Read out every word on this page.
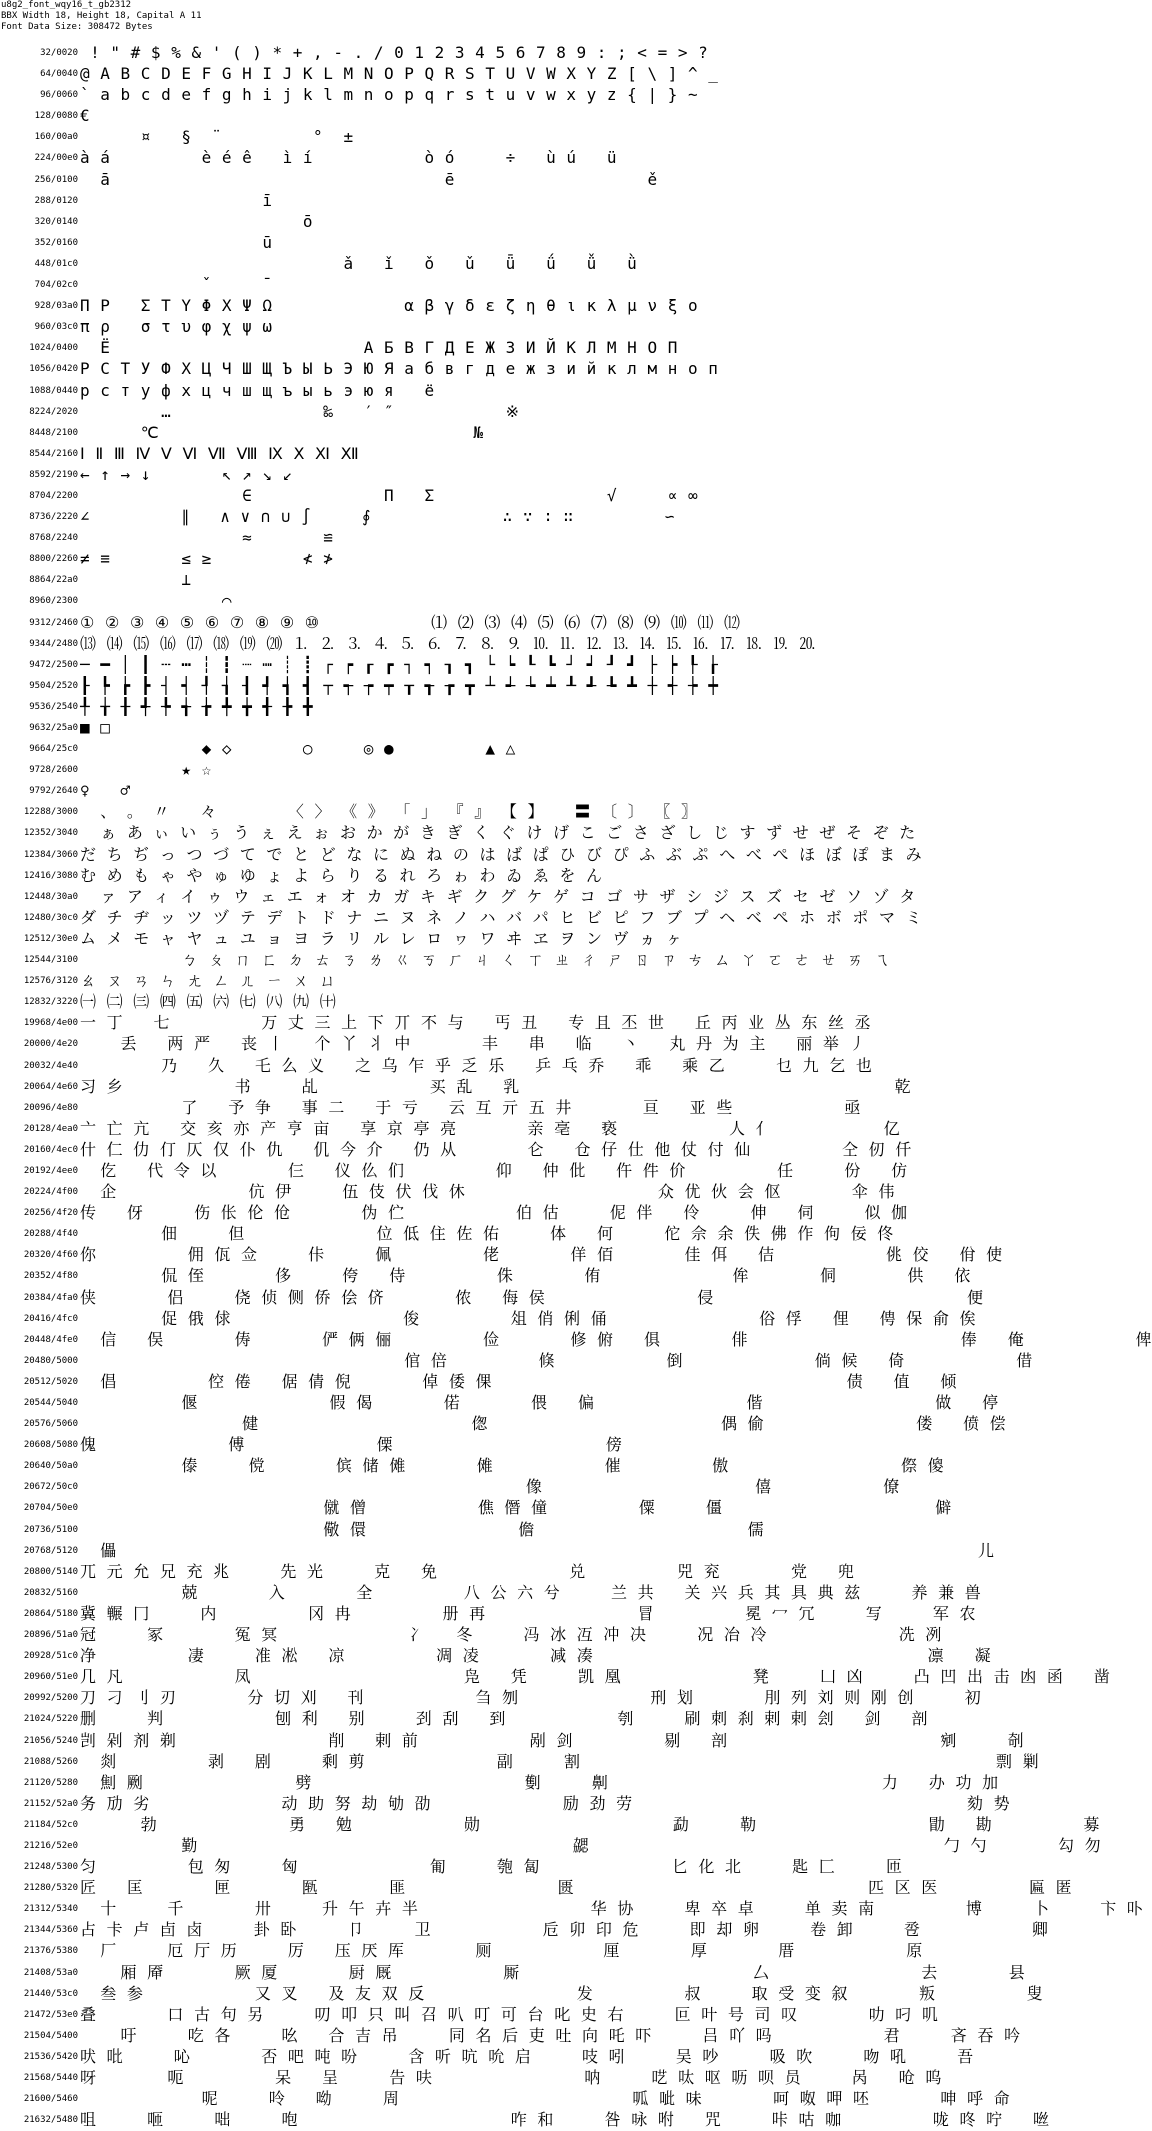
u8g2_font_wqy16_t_gb2312
BBX Width 18, Height 18, Capital A 11
Font Data Size: 308472 Bytes
32/0020 ! " # $ % & ' ( ) * + , - . / 0 1 2 3 4 5 6 7 8 9 : ; < = > ?
64/0040 @ A B C D E F G H I J K L M N O P Q R S T U V W X Y Z [ \ ] ^ _
96/0060 ` a b c d e f g h i j k l m n o p q r s t u v w x y z { | } ~
128/0080 €
160/00a0 ¤   §  ¨         °  ±
224/00e0 à á         è é ê   ì í           ò ó     ÷   ù ú   ü
256/0100 ā                                 ē                   ě
288/0120 ī
320/0140 ō
352/0160 ū
448/01c0 ǎ   ǐ   ǒ   ǔ   ǖ   ǘ   ǚ   ǜ
704/02c0 ˇ     ˉ
928/03a0 Π Ρ   Σ Τ Υ Φ Χ Ψ Ω             α β γ δ ε ζ η θ ι κ λ μ ν ξ ο
960/03c0 π ρ   σ τ υ φ χ ψ ω
1024/0400 Ё                         А Б В Г Д Е Ж З И Й К Л М Н О П
1056/0420 Р С Т У Ф Х Ц Ч Ш Щ Ъ Ы Ь Э Ю Я а б в г д е ж з и й к л м н о п
1088/0440 р с т у ф х ц ч ш щ ъ ы ь э ю я   ё
8224/2020 …               ‰   ′ ″           ※
8448/2100 ℃                               №
8544/2160 Ⅰ Ⅱ Ⅲ Ⅳ Ⅴ Ⅵ Ⅶ Ⅷ Ⅸ Ⅹ Ⅺ Ⅻ
8592/2190 ← ↑ → ↓       ↖ ↗ ↘ ↙
8704/2200 ∈             Π   Σ                 √     ∝ ∞
8736/2220 ∠         ∥   ∧ ∨ ∩ ∪ ∫     ∮             ∴ ∵ ∶ ∷         ∽
8768/2240 ≈       ≌
8800/2260 ≠ ≡       ≤ ≥         ≮ ≯
8864/22a0 ⊥
8960/2300 ⌒
9312/2460 ① ② ③ ④ ⑤ ⑥ ⑦ ⑧ ⑨ ⑩           ⑴ ⑵ ⑶ ⑷ ⑸ ⑹ ⑺ ⑻ ⑼ ⑽ ⑾ ⑿
9344/2480 ⒀ ⒁ ⒂ ⒃ ⒄ ⒅ ⒆ ⒇ ⒈ ⒉ ⒊ ⒋ ⒌ ⒍ ⒎ ⒏ ⒐ ⒑ ⒒ ⒓ ⒔ ⒕ ⒖ ⒗ ⒘ ⒙ ⒚ ⒛
9472/2500 ─ ━ │ ┃ ┄ ┅ ┆ ┇ ┈ ┉ ┊ ┋ ┌ ┍ ┎ ┏ ┐ ┑ ┒ ┓ └ ┕ ┖ ┗ ┘ ┙ ┚ ┛ ├ ┝ ┞ ┟
9504/2520 ┠ ┡ ┢ ┣ ┤ ┥ ┦ ┧ ┨ ┩ ┪ ┫ ┬ ┭ ┮ ┯ ┰ ┱ ┲ ┳ ┴ ┵ ┶ ┷ ┸ ┹ ┺ ┻ ┼ ┽ ┾ ┿
9536/2540 ╀ ╁ ╂ ╃ ╄ ╅ ╆ ╇ ╈ ╉ ╊ ╋
9632/25a0 ■ □
9664/25c0 ◆ ◇       ○     ◎ ●         ▲ △
9728/2600 ★ ☆
9792/2640 ♀   ♂
12288/3000 、 。 〃   々       〈 〉 《 》 「 」 『 』 【 】   〓 〔 〕 〖 〗
12352/3040 ぁ あ ぃ い ぅ う ぇ え ぉ お か が き ぎ く ぐ け げ こ ご さ ざ し じ す ず せ ぜ そ ぞ た
12384/3060 だ ち ぢ っ つ づ て で と ど な に ぬ ね の は ば ぱ ひ び ぴ ふ ぶ ぷ へ べ ぺ ほ ぼ ぽ ま み
12416/3080 む め も ゃ や ゅ ゆ ょ よ ら り る れ ろ ゎ わ ゐ ゑ を ん
12448/30a0 ァ ア ィ イ ゥ ウ ェ エ ォ オ カ ガ キ ギ ク グ ケ ゲ コ ゴ サ ザ シ ジ ス ズ セ ゼ ソ ゾ タ
12480/30c0 ダ チ ヂ ッ ツ ヅ テ デ ト ド ナ ニ ヌ ネ ノ ハ バ パ ヒ ビ ピ フ ブ プ ヘ ベ ペ ホ ボ ポ マ ミ
12512/30e0 ム メ モ ャ ヤ ュ ユ ョ ヨ ラ リ ル レ ロ ヮ ワ ヰ ヱ ヲ ン ヴ ヵ ヶ
12544/3100 ㄅ ㄆ ㄇ ㄈ ㄉ ㄊ ㄋ ㄌ ㄍ ㄎ ㄏ ㄐ ㄑ ㄒ ㄓ ㄔ ㄕ ㄖ ㄗ ㄘ ㄙ ㄚ ㄛ ㄜ ㄝ ㄞ ㄟ
12576/3120 ㄠ ㄡ ㄢ ㄣ ㄤ ㄥ ㄦ ㄧ ㄨ ㄩ
12832/3220 ㈠ ㈡ ㈢ ㈣ ㈤ ㈥ ㈦ ㈧ ㈨ ㈩
19968/4e00 一 丁   七         万 丈 三 上 下 丌 不 与   丐 丑   专 且 丕 世   丘 丙 业 丛 东 丝 丞
20000/4e20 丢   两 严   丧 丨   个 丫 丬 中       丰   串   临   丶   丸 丹 为 主   丽 举 丿
20032/4e40 乃   久   乇 么 义   之 乌 乍 乎 乏 乐   乒 乓 乔   乖   乘 乙     乜 九 乞 也
20064/4e60 习 乡           书     乩           买 乱   乳                                     乾
20096/4e80 了   予 争   事 二   于 亏   云 互 亓 五 井       亘   亚 些           亟
20128/4ea0 亠 亡 亢   交 亥 亦 产 亨 亩   享 京 亭 亮       亲 亳   亵           人 亻           亿
20160/4ec0 什 仁 仂 仃 仄 仅 仆 仇   仉 今 介   仍 从       仑   仓 仔 仕 他 仗 付 仙         仝 仞 仟
20192/4ee0 仡   代 令 以       仨   仪 仫 们         仰   仲 仳   仵 件 价         任     份   仿
20224/4f00 企             伉 伊     伍 伎 伏 伐 休                   众 优 伙 会 伛       伞 伟
20256/4f20 传   伢     伤 伥 伦 伧       伪 伫           伯 估     伲 伴   伶     伸   伺     似 伽
20288/4f40 佃     但             位 低 住 佐 佑     体   何     佗 佘 余 佚 佛 作 佝 佞 佟
20320/4f60 你         佣 佤 佥     佧     佩         佬       佯 佰       佳 佴   佶           佻 佼   佾 使
20352/4f80 侃 侄       侈     侉   侍         侏       侑             侔       侗       供   依
20384/4fa0 侠       侣     侥 侦 侧 侨 侩 侪       侬   侮 侯               侵                         便
20416/4fc0 促 俄 俅                 俊         俎 俏 俐 俑               俗 俘   俚   俜 保 俞 俟
20448/4fe0 信   俣       俦       俨 俩 俪         俭       修 俯   俱       俳                     俸   俺           俾
20480/5000 倌 倍         倏           倒             倘 候   倚           借
20512/5020 倡         倥 倦   倨 倩 倪       倬 倭 倮                                   债   值   倾
20544/5040 偃             假 偈       偌       偎   偏               偕                 做   停
20576/5060 健                     偬                       偶 偷               偻   偾 偿
20608/5080 傀             傅             傈                     傍
20640/50a0 傣     傥       傧 储 傩       傩           催         傲                 傺 傻
20672/50c0 像                     僖           僚
20704/50e0 僦 僧           僬 僭 僮         僳     僵                     僻
20736/5100 儆 儇               儋                     儒
20768/5120 儡                                                                                     儿
20800/5140 兀 元 允 兄 充 兆     先 光     克   免             兑         兕 兖       党   兜
20832/5160 兢       入       全         八 公 六 兮     兰 共   关 兴 兵 其 具 典 兹     养 兼 兽
20864/5180 冀 冁 冂     内         冈 冉         册 再               冒         冕 冖 冗     写     军 农
20896/51a0 冠     冢       冤 冥             冫   冬     冯 冰 冱 冲 决     况 冶 冷             冼 冽
20928/51c0 净         凄     准 凇   凉         凋 凌       减 凑                                 凛   凝
20960/51e0 几 凡           凤                     凫   凭     凯 凰             凳     凵 凶     凸 凹 出 击 凼 函   凿
20992/5200 刀 刁 刂 刃       分 切 刈   刊           刍 刎             刑 划       刖 列 刘 则 刚 创     初
21024/5220 删     判           刨 利   别     刭 刮   到           刳     刷 刺 刹 剌 剌 刽   剑   剖
21056/5240 剀 剁 剂 剃               削   剌 前           剐 剑         剔   剖                     剜     剞
21088/5260 剡         剥   剧     剩 剪             副     割                                         剽 剿
21120/5280 劁 劂               劈                     劐     劓                           力   办 功 加
21152/52a0 务 劢 劣             动 助 努 劫 劬 劭             励 劲 劳                                 劾 势
21184/52c0 勃             勇   勉           勋                   勐     勒                 勖   勘         募
21216/52e0 勤                                     勰                                   勹 勺       勾 勿
21248/5300 匀         包 匆     匈             匍     匏 匐             匕 化 北     匙 匚     匝
21280/5320 匠   匡       匣       匦       匪               匮                             匹 区 医         匾 匿
21312/5340 十     千       卅     升 午 卉 半                 华 协     卑 卒 卓     单 卖 南         博     卜     卞 卟
21344/5360 占 卡 卢 卣 卤     卦 卧     卩     卫           卮 卯 印 危     即 却 卵     卷 卸     卺           卿
21376/5380 厂     厄 厅 历     厉   压 厌 厍       厕           厘       厚       厝           原
21408/53a0 厢 厣       厥 厦       厨 厩           厮                       厶               去       县
21440/53c0 叁 参           又 叉   及 友 双 反               发         叔     取 受 变 叙       叛         叟
21472/53e0 叠       口 古 句 另     叨 叩 只 叫 召 叭 叮 可 台 叱 史 右     叵 叶 号 司 叹       叻 叼 叽
21504/5400 吁     吃 各     吆   合 吉 吊     同 名 后 吏 吐 向 吒 吓     吕 吖 吗           君     吝 吞 吟
21536/5420 吠 吡     吣       否 吧 吨 吩     含 听 吭 吮 启     吱 吲     吴 吵     吸 吹     吻 吼     吾
21568/5440 呀       呃         呆   呈     告 呋               呐     呓 呔 呕 呖 呗 员     呙   呛 呜
21600/5460 呢     呤   呦     周                       呱 呲 味       呵 呶 呷 呸       呻 呼 命
21632/5480 咀     咂     咄     咆                     咋 和     咎 咏 咐   咒     咔 咕 咖         咙 咚 咛   咝
